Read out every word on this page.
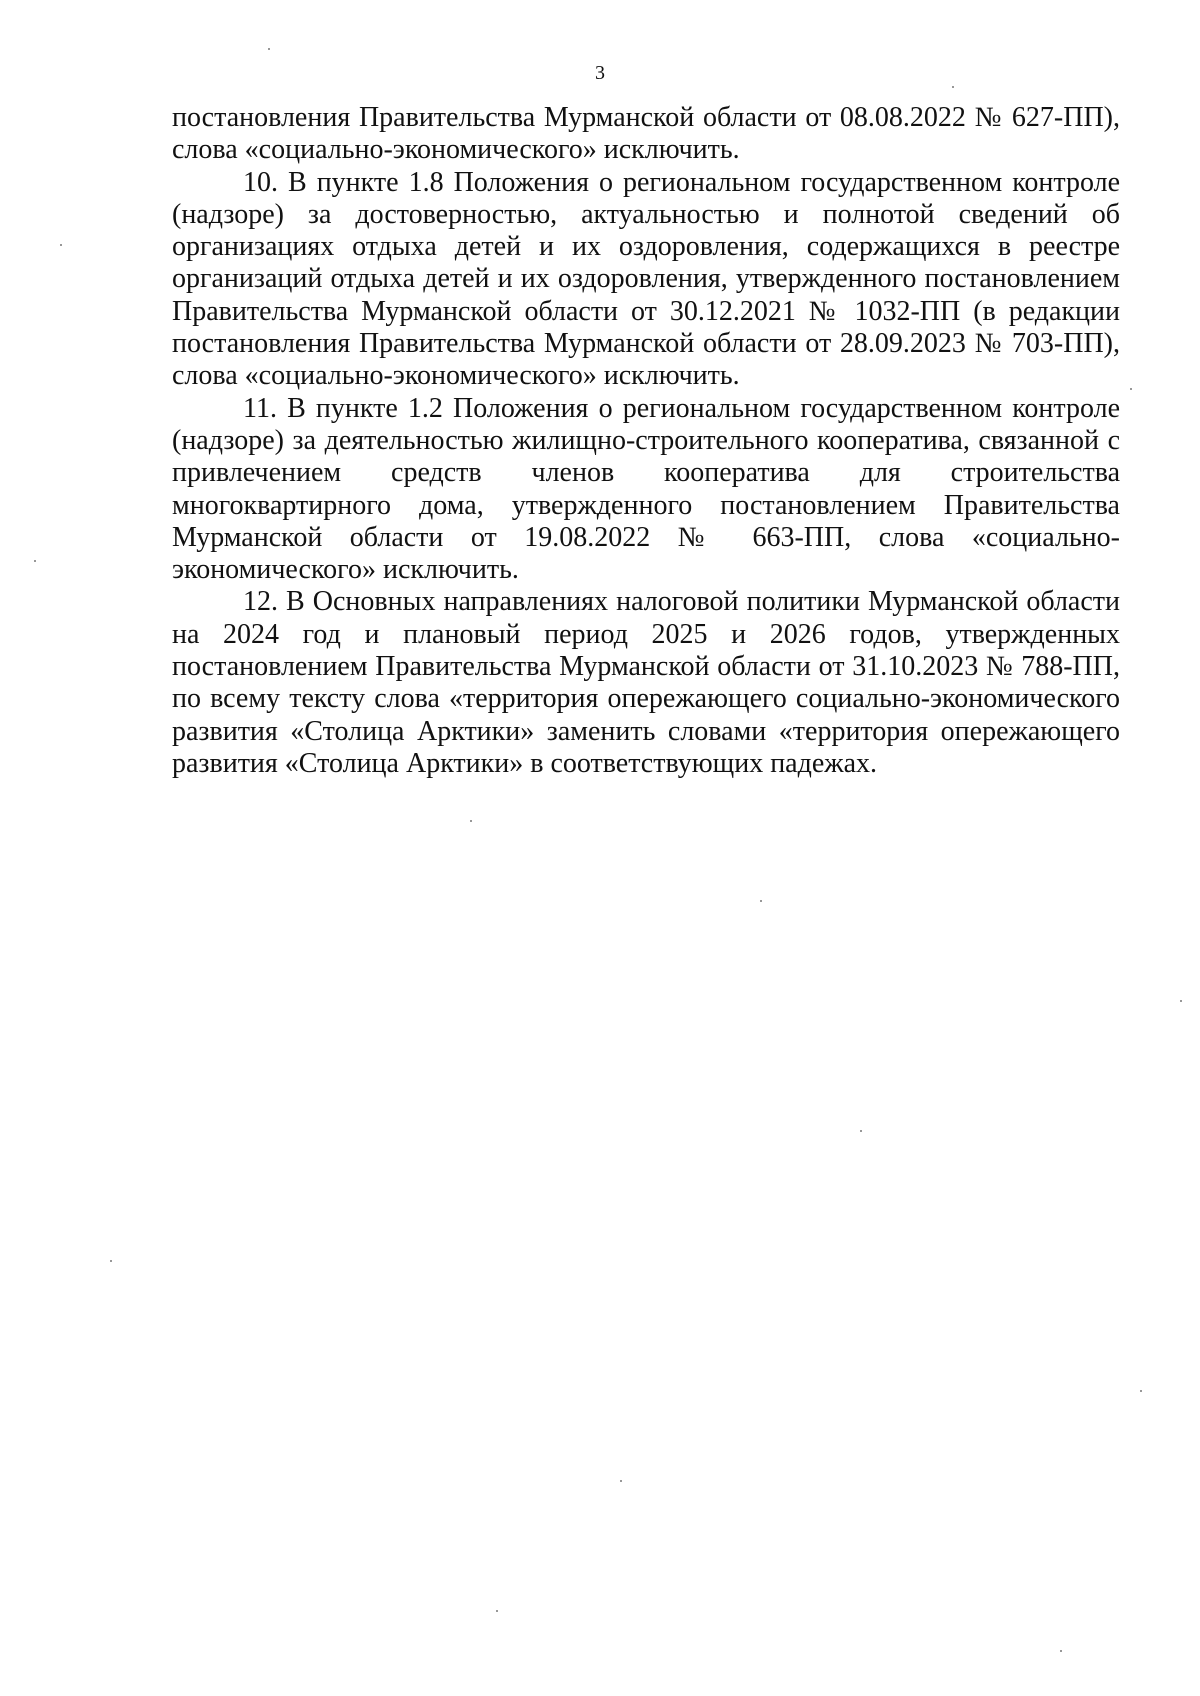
3

постановления Правительства Мурманской области от 08.08.2022 № 627-ПП), слова «социально-экономического» исключить.

10. В пункте 1.8 Положения о региональном государственном контроле (надзоре) за достоверностью, актуальностью и полнотой сведений об организациях отдыха детей и их оздоровления, содержащихся в реестре организаций отдыха детей и их оздоровления, утвержденного постановлением Правительства Мурманской области от 30.12.2021 № 1032-ПП (в редакции постановления Правительства Мурманской области от 28.09.2023 № 703-ПП), слова «социально-экономического» исключить.

11. В пункте 1.2 Положения о региональном государственном контроле (надзоре) за деятельностью жилищно-строительного кооператива, связанной с привлечением средств членов кооператива для строительства многоквартирного дома, утвержденного постановлением Правительства Мурманской области от 19.08.2022 № 663-ПП, слова «социально-экономического» исключить.

12. В Основных направлениях налоговой политики Мурманской области на 2024 год и плановый период 2025 и 2026 годов, утвержденных постановлением Правительства Мурманской области от 31.10.2023 № 788-ПП, по всему тексту слова «территория опережающего социально-экономического развития «Столица Арктики» заменить словами «территория опережающего развития «Столица Арктики» в соответствующих падежах.
